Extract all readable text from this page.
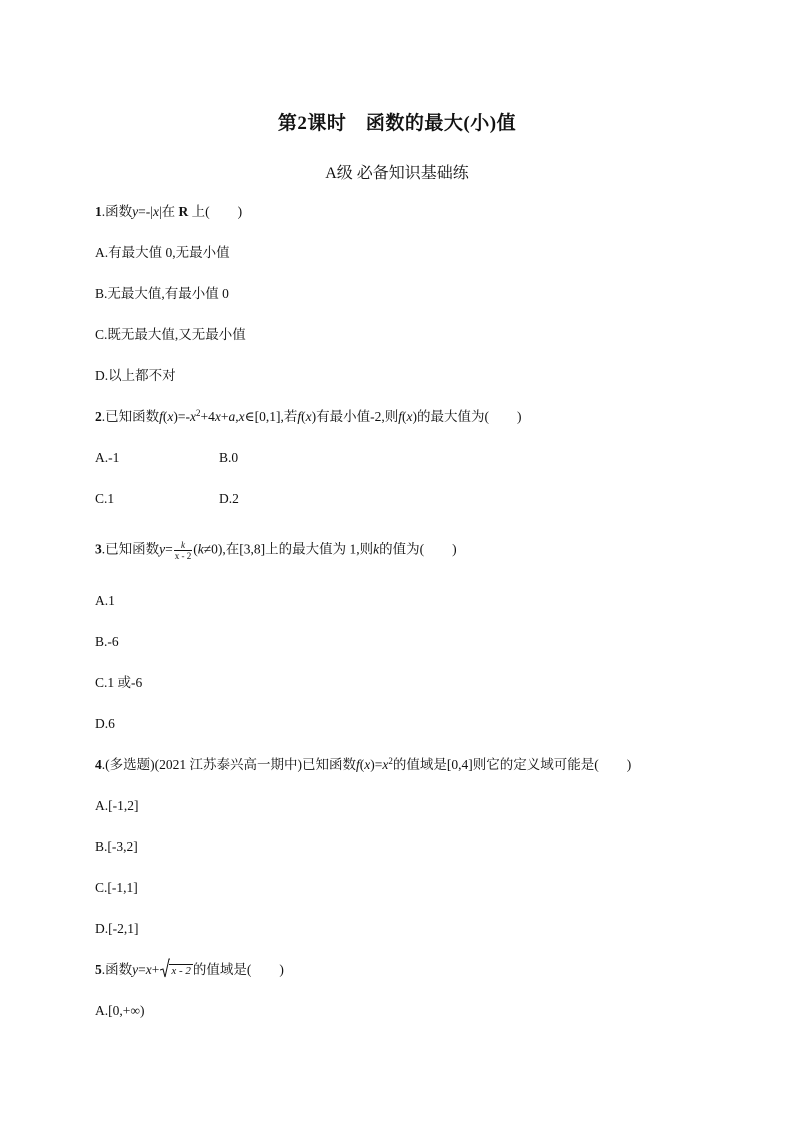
第2课时　函数的最大(小)值
A级 必备知识基础练
1.函数y=-|x|在 R 上( )
A.有最大值 0,无最小值
B.无最大值,有最小值 0
C.既无最大值,又无最小值
D.以上都不对
2.已知函数$f(x)=-x^2+4x+a,x\in[0,1]$,若f(x)有最小值-2,则f(x)的最大值为( )
A.-1	B.0
C.1	D.2
3.已知函数$y= \frac{k}{x - 2} (k\ne 0)$,在[3,8]上的最大值为 1,则k的值为( )
A.1
B.-6
C.1 或-6
D.6
4.(多选题)(2021 江苏泰兴高一期中)已知函数$f(x)=x^2$的值域是[0,4]则它的定义域可能是( )
A.[-1,2]
B.[-3,2]
C.[-1,1]
D.[-2,1]
5.函数y=x+ x - 2 的值域是( )
A.[0,+∞)
